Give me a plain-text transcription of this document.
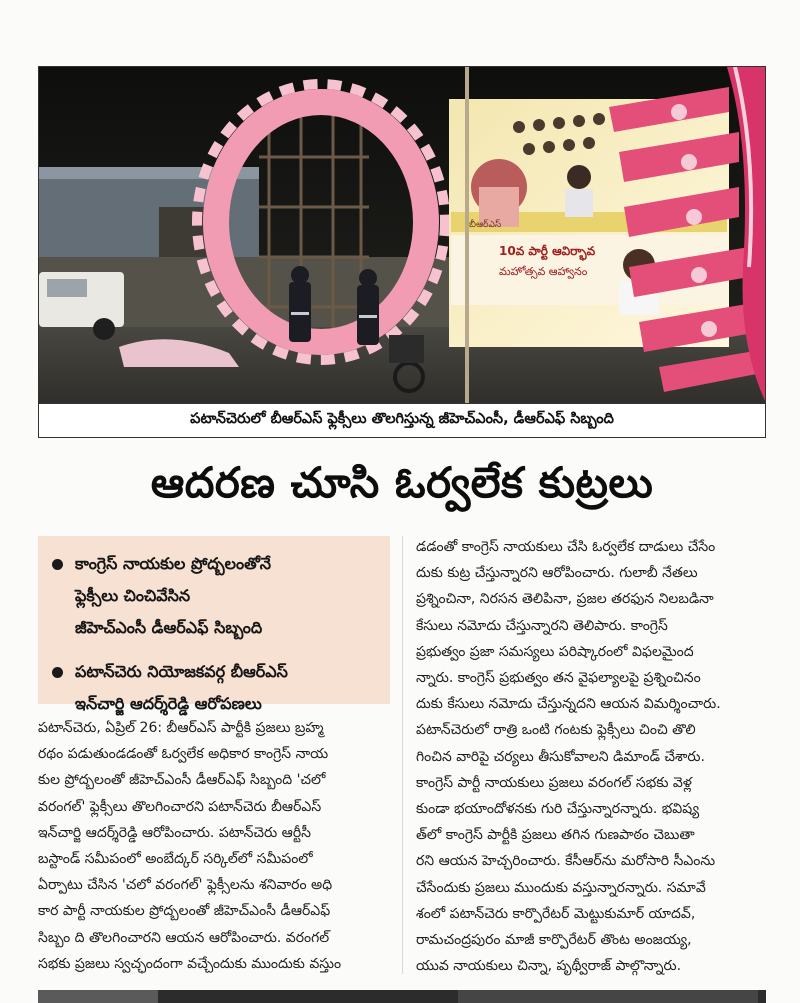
బీఆర్ఎస్
10వ పార్టీ ఆవిర్భావ
మహోత్సవ ఆహ్వానం
పటాన్‌చెరులో బీఆర్ఎస్ ఫ్లెక్సీలు తొలగిస్తున్న జీహెచ్ఎంసీ, డీఆర్ఎఫ్ సిబ్బంది
ఆదరణ చూసి ఓర్వలేక కుట్రలు
కాంగ్రెస్ నాయకుల ప్రోద్బలంతోనే
ఫ్లెక్సీలు చించివేసిన
జీహెచ్ఎంసీ డీఆర్ఎఫ్ సిబ్బంది
పటాన్‌చెరు నియోజకవర్గ బీఆర్ఎస్
ఇన్‌చార్జి ఆదర్శ్‌రెడ్డి ఆరోపణలు
పటాన్‌చెరు, ఏప్రిల్ 26: బీఆర్ఎస్ పార్టీకి ప్రజలు బ్రహ్మ
రథం పడుతుండడంతో ఓర్వలేక అధికార కాంగ్రెస్ నాయ
కుల ప్రోద్బలంతో జీహెచ్ఎంసీ డీఆర్ఎఫ్ సిబ్బంది 'చలో
వరంగల్' ఫ్లెక్సీలు తొలగించారని పటాన్‌చెరు బీఆర్ఎస్
ఇన్‌చార్జి ఆదర్శ్‌రెడ్డి ఆరోపించారు. పటాన్‌చెరు ఆర్టీసీ
బస్టాండ్ సమీపంలో అంబేద్కర్ సర్కిల్‌లో సమీపంలో
ఏర్పాటు చేసిన 'చలో వరంగల్' ఫ్లెక్సీలను శనివారం అధి
కార పార్టీ నాయకుల ప్రోద్బలంతో జీహెచ్ఎంసీ డీఆర్ఎఫ్
సిబ్బం ది తొలగించారని ఆయన ఆరోపించారు. వరంగల్
సభకు ప్రజలు స్వచ్ఛందంగా వచ్చేందుకు ముందుకు వస్తుం
డడంతో కాంగ్రెస్ నాయకులు చేసి ఓర్వలేక దాడులు చేసేం
దుకు కుట్ర చేస్తున్నారని ఆరోపించారు. గులాబీ నేతలు
ప్రశ్నించినా, నిరసన తెలిపినా, ప్రజల తరఫున నిలబడినా
కేసులు నమోదు చేస్తున్నారని తెలిపారు. కాంగ్రెస్
ప్రభుత్వం ప్రజా సమస్యలు పరిష్కారంలో విఫలమైంద
న్నారు. కాంగ్రెస్ ప్రభుత్వం తన వైఫల్యాలపై ప్రశ్నించినం
దుకు కేసులు నమోదు చేస్తున్నదని ఆయన విమర్శించారు.
పటాన్‌చెరులో రాత్రి ఒంటి గంటకు ఫ్లెక్సీలు చించి తొలి
గించిన వారిపై చర్యలు తీసుకోవాలని డిమాండ్ చేశారు.
కాంగ్రెస్ పార్టీ నాయకులు ప్రజలు వరంగల్ సభకు వెళ్ల
కుండా భయాందోళనకు గురి చేస్తున్నారన్నారు. భవిష్య
త్‌లో కాంగ్రెస్ పార్టీకి ప్రజలు తగిన గుణపాఠం చెబుతా
రని ఆయన హెచ్చరించారు. కేసీఆర్‌ను మరోసారి సీఎంను
చేసేందుకు ప్రజలు ముందుకు వస్తున్నారన్నారు. సమావే
శంలో పటాన్‌చెరు కార్పొరేటర్ మెట్టుకుమార్ యాదవ్,
రామచంద్రపురం మాజీ కార్పొరేటర్ తొంట అంజయ్య,
యువ నాయకులు చిన్నా, పృథ్వీరాజ్ పాల్గొన్నారు.
